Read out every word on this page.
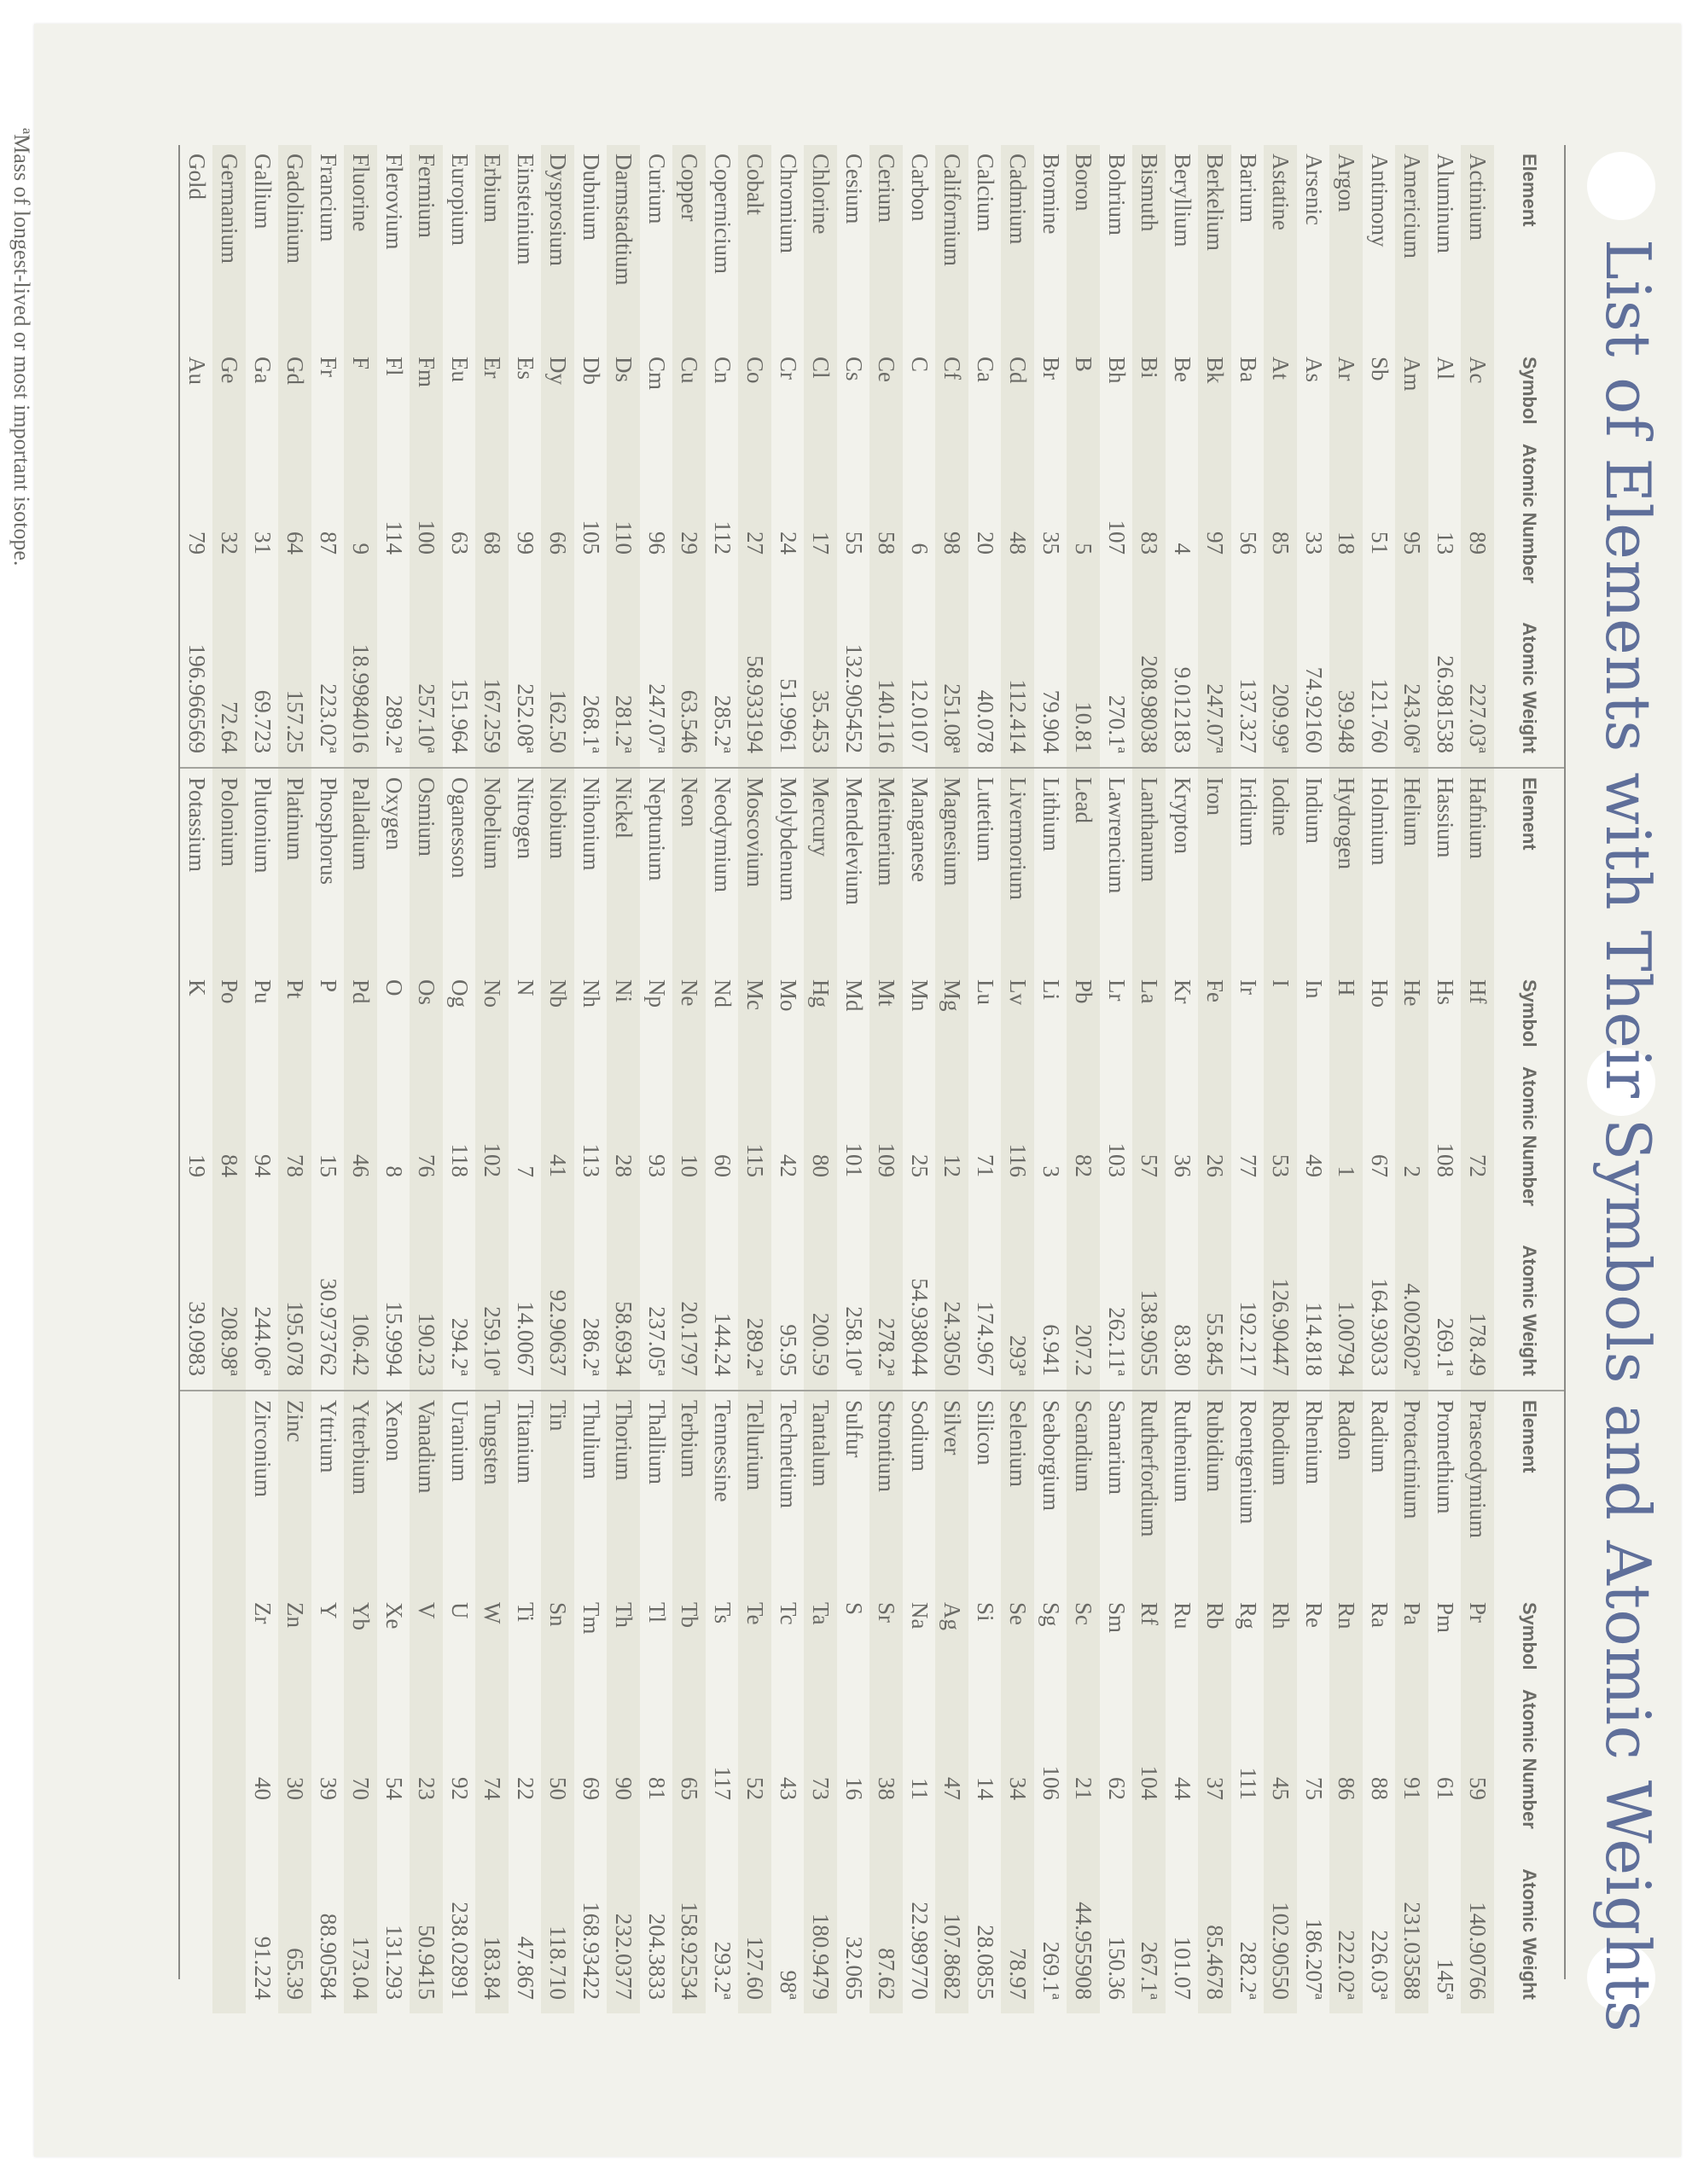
List of Elements with Their Symbols and Atomic Weights
Element	Symbol	Atomic Number	Atomic Weight	Element	Symbol	Atomic Number	Atomic Weight	Element	Symbol	Atomic Number	Atomic Weight
Actinium	Ac	89	227.03ª	Hafnium	Hf	72	178.49	Praseodymium	Pr	59	140.90766
Aluminum	Al	13	26.981538	Hassium	Hs	108	269.1ª	Promethium	Pm	61	145ª
Americium	Am	95	243.06ª	Helium	He	2	4.002602ª	Protactinium	Pa	91	231.03588
Antimony	Sb	51	121.760	Holmium	Ho	67	164.93033	Radium	Ra	88	226.03ª
Argon	Ar	18	39.948	Hydrogen	H	1	1.00794	Radon	Rn	86	222.02ª
Arsenic	As	33	74.92160	Indium	In	49	114.818	Rhenium	Re	75	186.207ª
Astatine	At	85	209.99ª	Iodine	I	53	126.90447	Rhodium	Rh	45	102.90550
Barium	Ba	56	137.327	Iridium	Ir	77	192.217	Roentgenium	Rg	111	282.2ª
Berkelium	Bk	97	247.07ª	Iron	Fe	26	55.845	Rubidium	Rb	37	85.4678
Beryllium	Be	4	9.012183	Krypton	Kr	36	83.80	Ruthenium	Ru	44	101.07
Bismuth	Bi	83	208.98038	Lanthanum	La	57	138.9055	Rutherfordium	Rf	104	267.1ª
Bohrium	Bh	107	270.1ª	Lawrencium	Lr	103	262.11ª	Samarium	Sm	62	150.36
Boron	B	5	10.81	Lead	Pb	82	207.2	Scandium	Sc	21	44.955908
Bromine	Br	35	79.904	Lithium	Li	3	6.941	Seaborgium	Sg	106	269.1ª
Cadmium	Cd	48	112.414	Livermorium	Lv	116	293ª	Selenium	Se	34	78.97
Calcium	Ca	20	40.078	Lutetium	Lu	71	174.967	Silicon	Si	14	28.0855
Californium	Cf	98	251.08ª	Magnesium	Mg	12	24.3050	Silver	Ag	47	107.8682
Carbon	C	6	12.0107	Manganese	Mn	25	54.938044	Sodium	Na	11	22.989770
Cerium	Ce	58	140.116	Meitnerium	Mt	109	278.2ª	Strontium	Sr	38	87.62
Cesium	Cs	55	132.905452	Mendelevium	Md	101	258.10ª	Sulfur	S	16	32.065
Chlorine	Cl	17	35.453	Mercury	Hg	80	200.59	Tantalum	Ta	73	180.9479
Chromium	Cr	24	51.9961	Molybdenum	Mo	42	95.95	Technetium	Tc	43	98ª
Cobalt	Co	27	58.933194	Moscovium	Mc	115	289.2ª	Tellurium	Te	52	127.60
Copernicium	Cn	112	285.2ª	Neodymium	Nd	60	144.24	Tennessine	Ts	117	293.2ª
Copper	Cu	29	63.546	Neon	Ne	10	20.1797	Terbium	Tb	65	158.92534
Curium	Cm	96	247.07ª	Neptunium	Np	93	237.05ª	Thallium	Tl	81	204.3833
Darmstadtium	Ds	110	281.2ª	Nickel	Ni	28	58.6934	Thorium	Th	90	232.0377
Dubnium	Db	105	268.1ª	Nihonium	Nh	113	286.2ª	Thulium	Tm	69	168.93422
Dysprosium	Dy	66	162.50	Niobium	Nb	41	92.90637	Tin	Sn	50	118.710
Einsteinium	Es	99	252.08ª	Nitrogen	N	7	14.0067	Titanium	Ti	22	47.867
Erbium	Er	68	167.259	Nobelium	No	102	259.10ª	Tungsten	W	74	183.84
Europium	Eu	63	151.964	Oganesson	Og	118	294.2ª	Uranium	U	92	238.02891
Fermium	Fm	100	257.10ª	Osmium	Os	76	190.23	Vanadium	V	23	50.9415
Flerovium	Fl	114	289.2ª	Oxygen	O	8	15.9994	Xenon	Xe	54	131.293
Fluorine	F	9	18.9984016	Palladium	Pd	46	106.42	Ytterbium	Yb	70	173.04
Francium	Fr	87	223.02ª	Phosphorus	P	15	30.973762	Yttrium	Y	39	88.90584
Gadolinium	Gd	64	157.25	Platinum	Pt	78	195.078	Zinc	Zn	30	65.39
Gallium	Ga	31	69.723	Plutonium	Pu	94	244.06ª	Zirconium	Zr	40	91.224
Germanium	Ge	32	72.64	Polonium	Po	84	208.98ª				
Gold	Au	79	196.966569	Potassium	K	19	39.0983				

ªMass of longest-lived or most important isotope.
